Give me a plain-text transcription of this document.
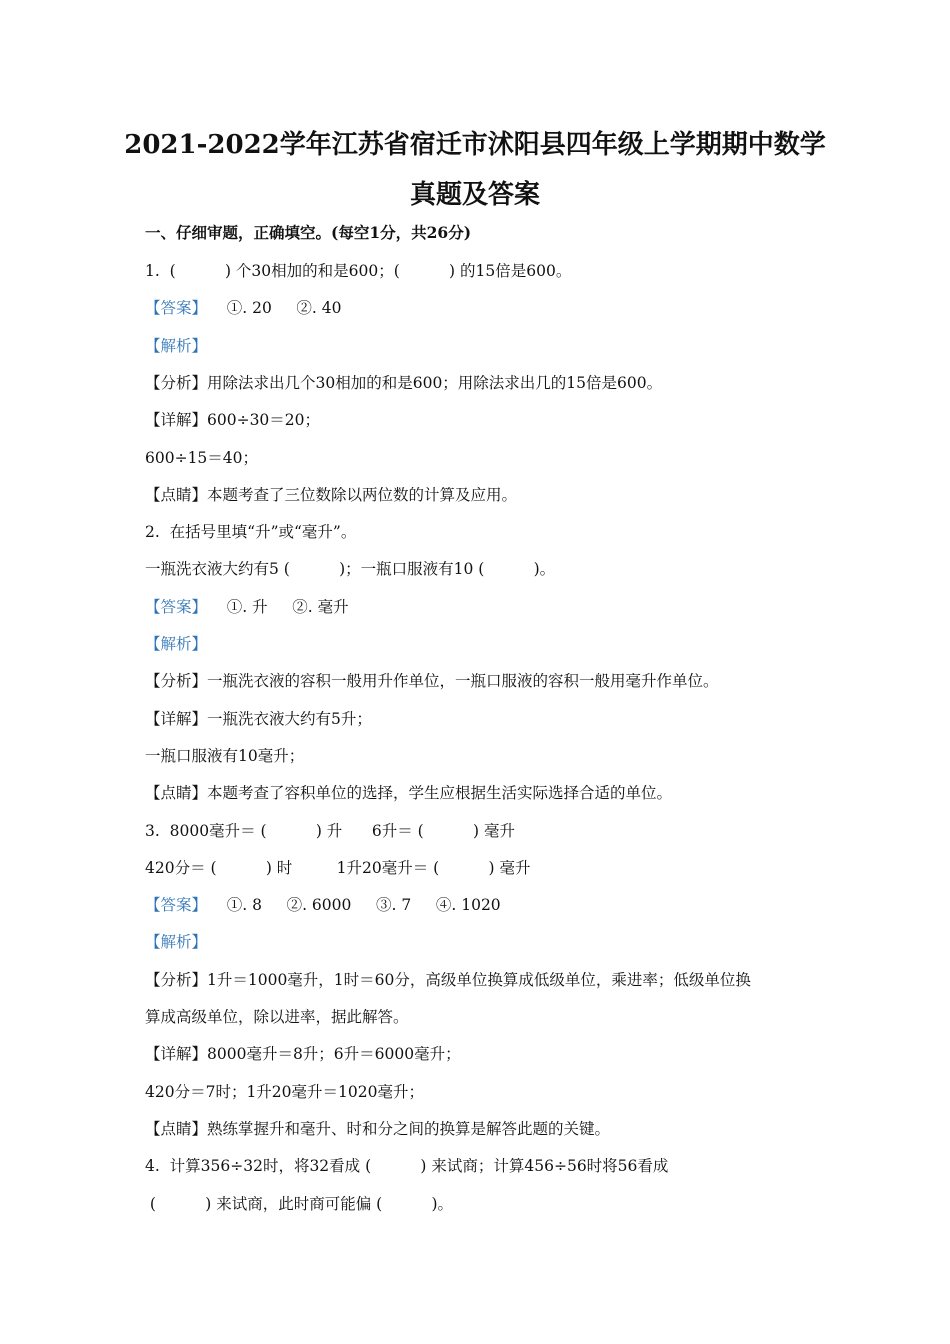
2021-2022学年江苏省宿迁市沭阳县四年级上学期期中数学
真题及答案
一、仔细审题，正确填空。(每空1分，共26分)
1.  (          ) 个30相加的和是600；(          ) 的15倍是600。
【答案】    ①. 20     ②. 40
【解析】
【分析】用除法求出几个30相加的和是600；用除法求出几的15倍是600。
【详解】600÷30＝20；
600÷15＝40；
【点睛】本题考查了三位数除以两位数的计算及应用。
2.  在括号里填“升”或“毫升”。
一瓶洗衣液大约有5 (          )；一瓶口服液有10 (          )。
【答案】    ①. 升     ②. 毫升
【解析】
【分析】一瓶洗衣液的容积一般用升作单位，一瓶口服液的容积一般用毫升作单位。
【详解】一瓶洗衣液大约有5升；
一瓶口服液有10毫升；
【点睛】本题考查了容积单位的选择，学生应根据生活实际选择合适的单位。
3.  8000毫升＝ (          ) 升      6升＝ (          ) 毫升
420分＝ (          ) 时         1升20毫升＝ (          ) 毫升
【答案】    ①. 8     ②. 6000     ③. 7     ④. 1020
【解析】
【分析】1升＝1000毫升，1时＝60分，高级单位换算成低级单位，乘进率；低级单位换
算成高级单位，除以进率，据此解答。
【详解】8000毫升＝8升；6升＝6000毫升；
420分＝7时；1升20毫升＝1020毫升；
【点睛】熟练掌握升和毫升、时和分之间的换算是解答此题的关键。
4.  计算356÷32时，将32看成 (          ) 来试商；计算456÷56时将56看成
(          ) 来试商，此时商可能偏 (          )。
